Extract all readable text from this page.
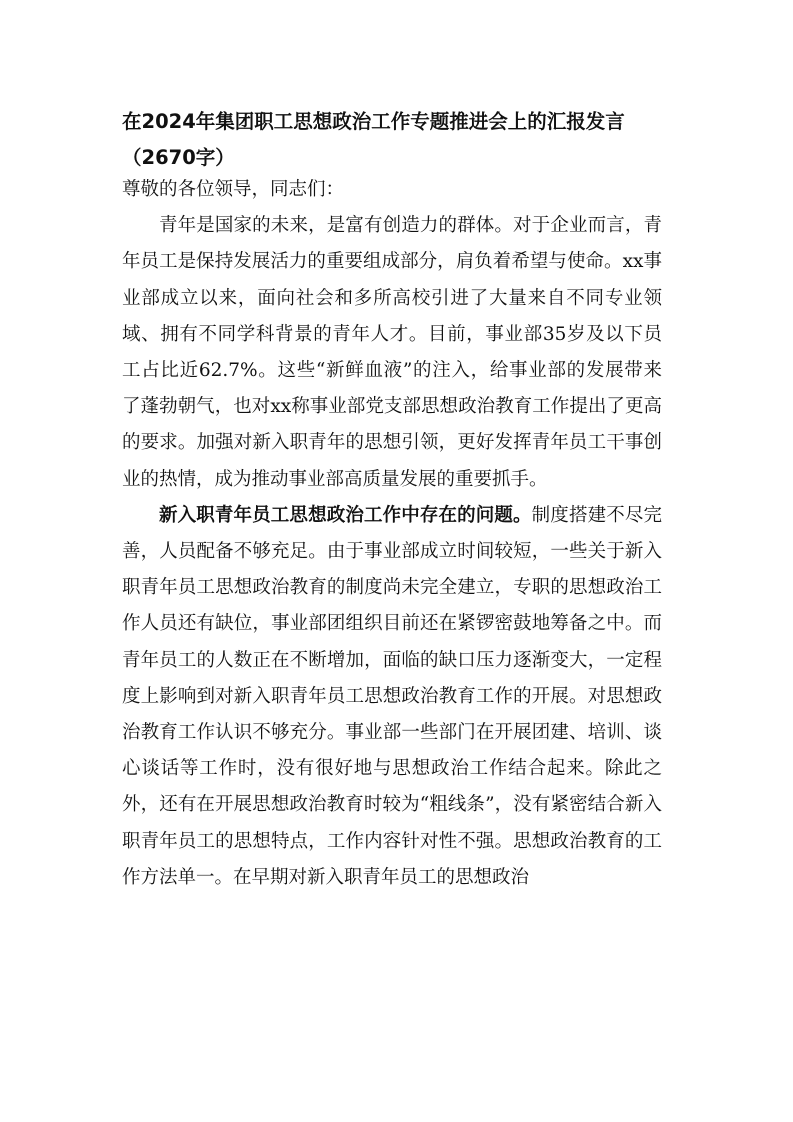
在2024年集团职工思想政治工作专题推进会上的汇报发言（2670字）

尊敬的各位领导，同志们：

青年是国家的未来，是富有创造力的群体。对于企业而言，青年员工是保持发展活力的重要组成部分，肩负着希望与使命。xx事业部成立以来，面向社会和多所高校引进了大量来自不同专业领域、拥有不同学科背景的青年人才。目前，事业部35岁及以下员工占比近62.7%。这些“新鲜血液”的注入，给事业部的发展带来了蓬勃朝气，也对xx称事业部党支部思想政治教育工作提出了更高的要求。加强对新入职青年的思想引领，更好发挥青年员工干事创业的热情，成为推动事业部高质量发展的重要抓手。

新入职青年员工思想政治工作中存在的问题。制度搭建不尽完善，人员配备不够充足。由于事业部成立时间较短，一些关于新入职青年员工思想政治教育的制度尚未完全建立，专职的思想政治工作人员还有缺位，事业部团组织目前还在紧锣密鼓地筹备之中。而青年员工的人数正在不断增加，面临的缺口压力逐渐变大，一定程度上影响到对新入职青年员工思想政治教育工作的开展。对思想政治教育工作认识不够充分。事业部一些部门在开展团建、培训、谈心谈话等工作时，没有很好地与思想政治工作结合起来。除此之外，还有在开展思想政治教育时较为“粗线条”，没有紧密结合新入职青年员工的思想特点，工作内容针对性不强。思想政治教育的工作方法单一。在早期对新入职青年员工的思想政治
